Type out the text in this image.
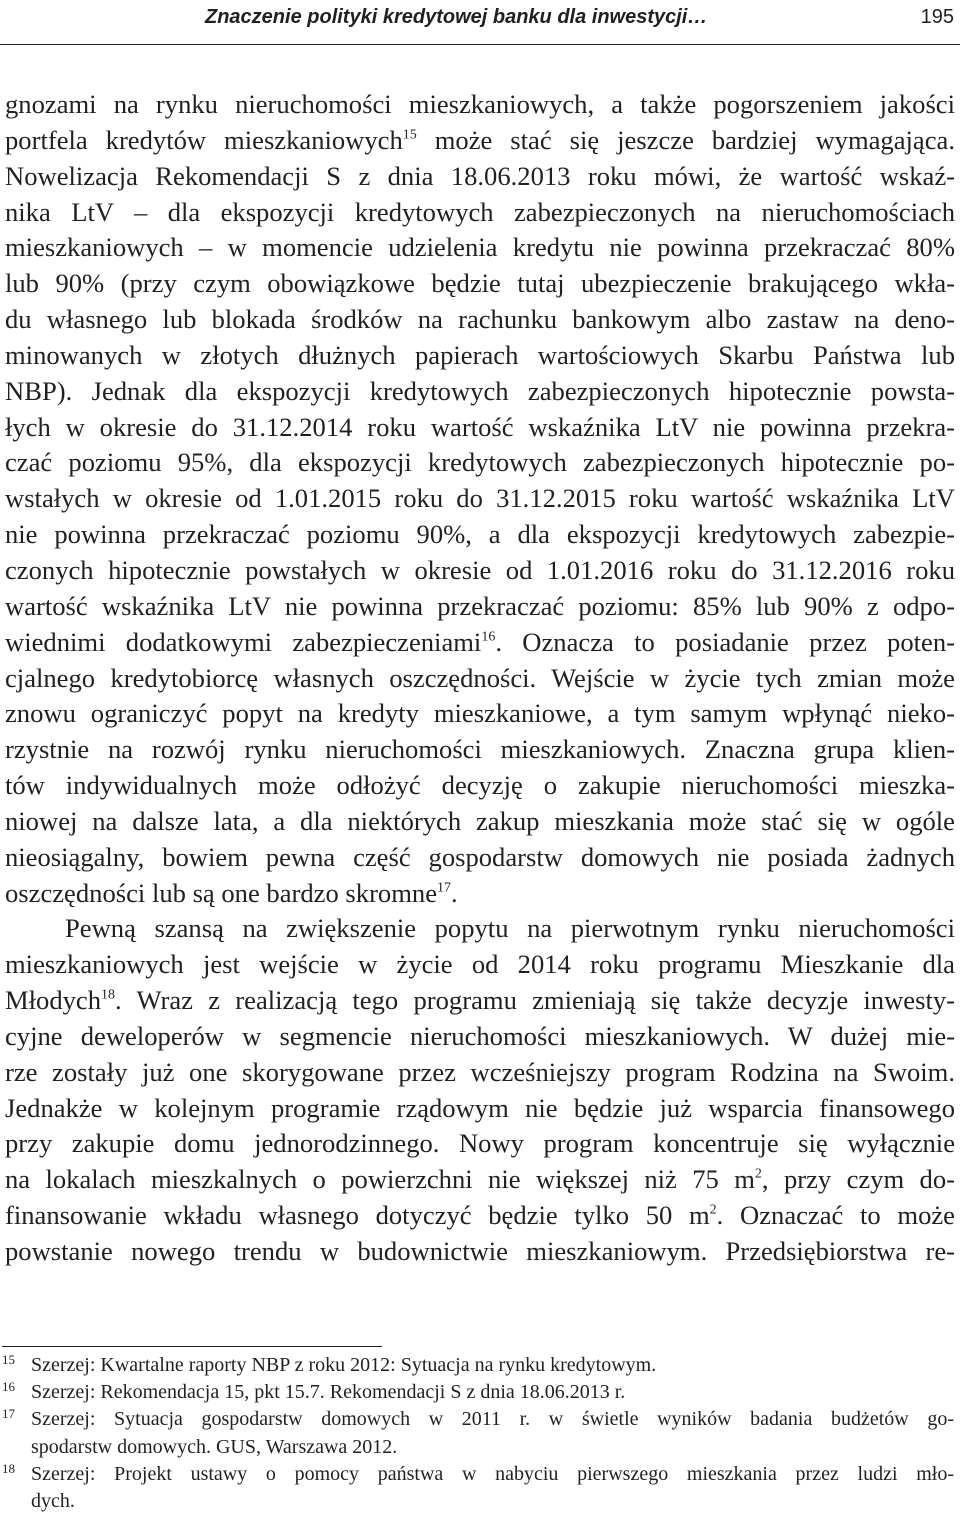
Znaczenie polityki kredytowej banku dla inwestycji…	195
gnozami na rynku nieruchomości mieszkaniowych, a także pogorszeniem jakości
portfela kredytów mieszkaniowych$^{15}$ może stać się jeszcze bardziej wymagająca.
Nowelizacja Rekomendacji S z dnia 18.06.2013 roku mówi, że wartość wskaź-
nika LtV – dla ekspozycji kredytowych zabezpieczonych na nieruchomościach
mieszkaniowych – w momencie udzielenia kredytu nie powinna przekraczać 80%
lub 90% (przy czym obowiązkowe będzie tutaj ubezpieczenie brakującego wkła-
du własnego lub blokada środków na rachunku bankowym albo zastaw na deno-
minowanych w złotych dłużnych papierach wartościowych Skarbu Państwa lub
NBP). Jednak dla ekspozycji kredytowych zabezpieczonych hipotecznie powsta-
łych w okresie do 31.12.2014 roku wartość wskaźnika LtV nie powinna przekra-
czać poziomu 95%, dla ekspozycji kredytowych zabezpieczonych hipotecznie po-
wstałych w okresie od 1.01.2015 roku do 31.12.2015 roku wartość wskaźnika LtV
nie powinna przekraczać poziomu 90%, a dla ekspozycji kredytowych zabezpie-
czonych hipotecznie powstałych w okresie od 1.01.2016 roku do 31.12.2016 roku
wartość wskaźnika LtV nie powinna przekraczać poziomu: 85% lub 90% z odpo-
wiednimi dodatkowymi zabezpieczeniami$^{16}$. Oznacza to posiadanie przez poten-
cjalnego kredytobiorcę własnych oszczędności. Wejście w życie tych zmian może
znowu ograniczyć popyt na kredyty mieszkaniowe, a tym samym wpłynąć nieko-
rzystnie na rozwój rynku nieruchomości mieszkaniowych. Znaczna grupa klien-
tów indywidualnych może odłożyć decyzję o zakupie nieruchomości mieszka-
niowej na dalsze lata, a dla niektórych zakup mieszkania może stać się w ogóle
nieosiągalny, bowiem pewna część gospodarstw domowych nie posiada żadnych
oszczędności lub są one bardzo skromne$^{17}$.
Pewną szansą na zwiększenie popytu na pierwotnym rynku nieruchomości
mieszkaniowych jest wejście w życie od 2014 roku programu Mieszkanie dla
Młodych$^{18}$. Wraz z realizacją tego programu zmieniają się także decyzje inwesty-
cyjne deweloperów w segmencie nieruchomości mieszkaniowych. W dużej mie-
rze zostały już one skorygowane przez wcześniejszy program Rodzina na Swoim.
Jednakże w kolejnym programie rządowym nie będzie już wsparcia finansowego
przy zakupie domu jednorodzinnego. Nowy program koncentruje się wyłącznie
na lokalach mieszkalnych o powierzchni nie większej niż 75 $m^2$, przy czym do-
finansowanie wkładu własnego dotyczyć będzie tylko 50 $m^2$. Oznaczać to może
powstanie nowego trendu w budownictwie mieszkaniowym. Przedsiębiorstwa re-
15 Szerzej: Kwartalne raporty NBP z roku 2012: Sytuacja na rynku kredytowym.
16 Szerzej: Rekomendacja 15, pkt 15.7. Rekomendacji S z dnia 18.06.2013 r.
17 Szerzej: Sytuacja gospodarstw domowych w 2011 r. w świetle wyników badania budżetów go-
spodarstw domowych. GUS, Warszawa 2012.
18 Szerzej: Projekt ustawy o pomocy państwa w nabyciu pierwszego mieszkania przez ludzi mło-
dych.
